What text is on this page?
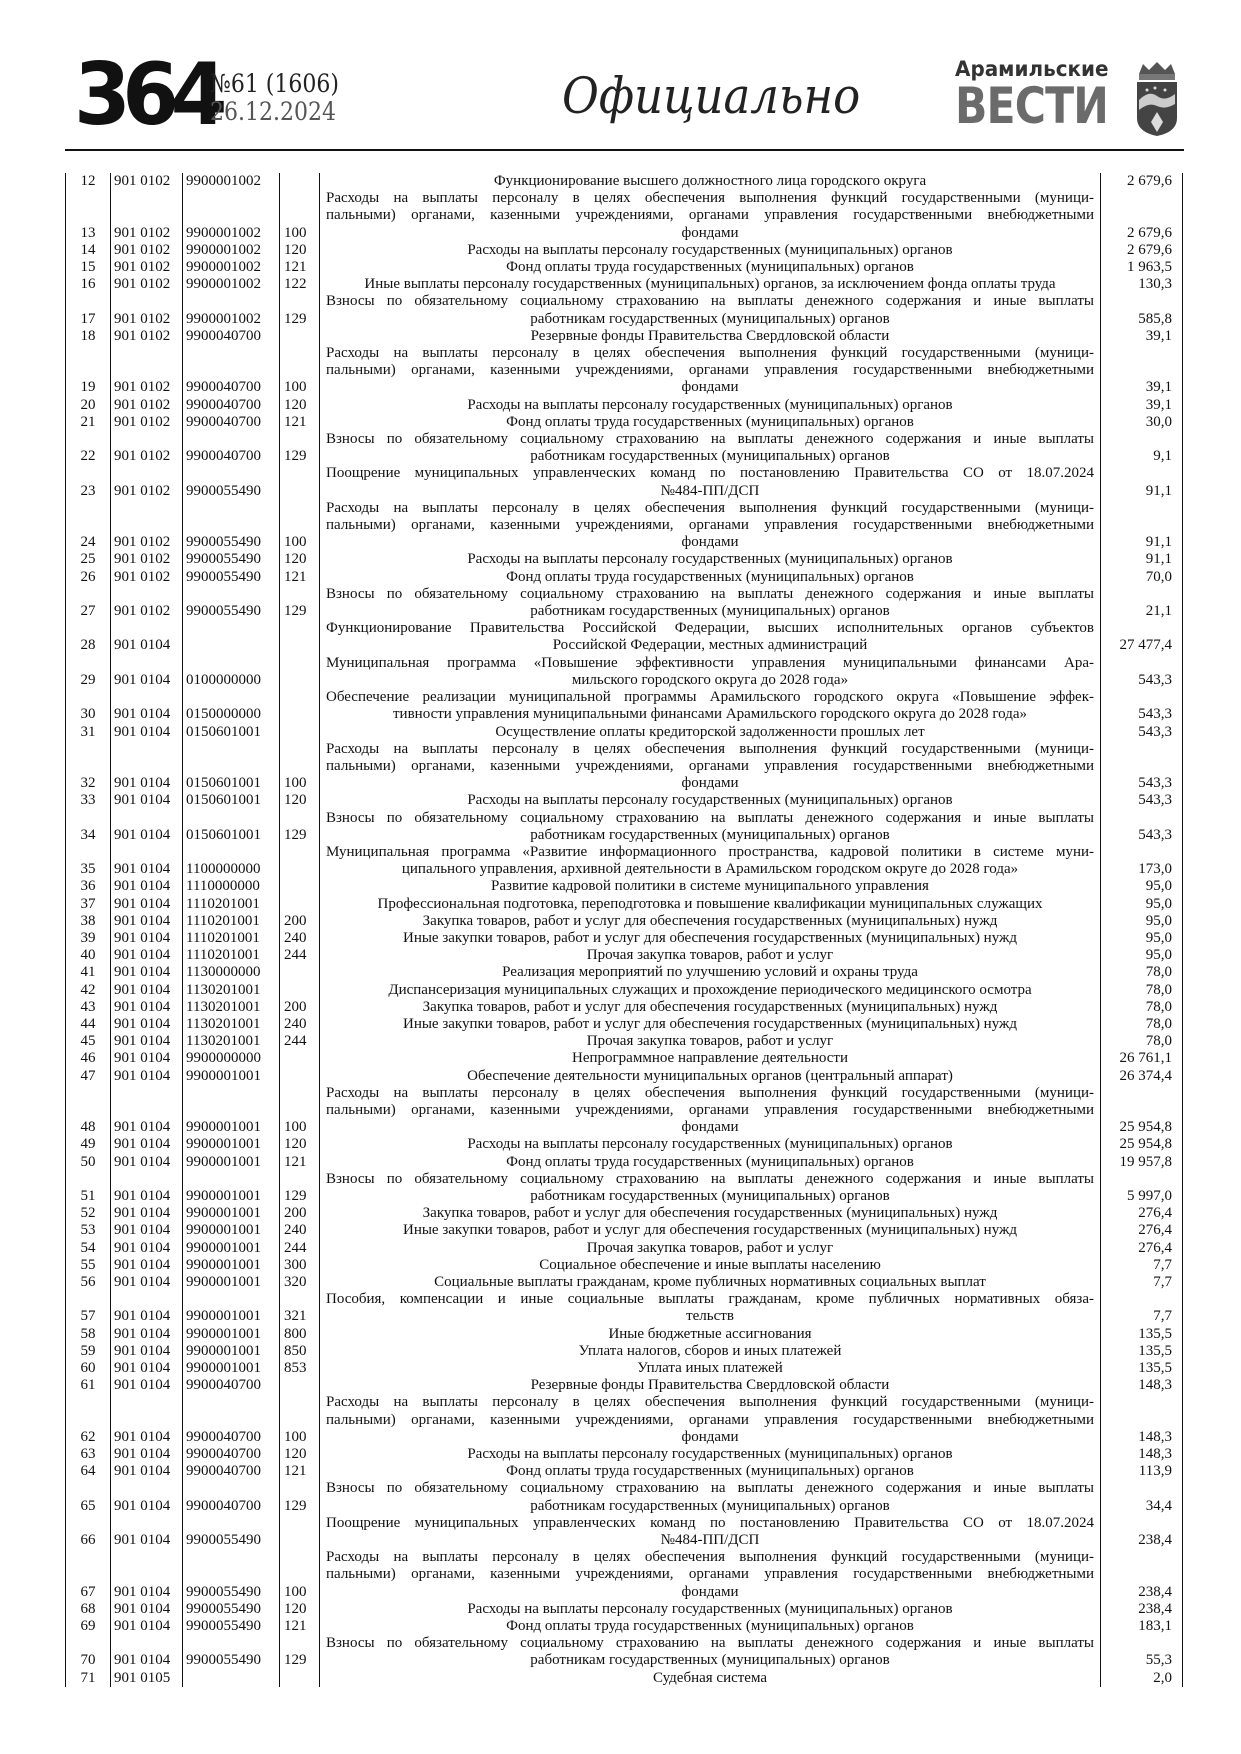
364
№61 (1606)
26.12.2024	Официально	Арамильские
ВЕСТИ
12	901 0102	9900001002		Функционирование высшего должностного лица городского округа	2 679,6
13	901 0102	9900001002	100	Расходы на выплаты персоналу в целях обеспечения выполнения функций государственными (муници-
пальными) органами, казенными учреждениями, органами управления государственными внебюджетными
фондами	2 679,6
14	901 0102	9900001002	120	Расходы на выплаты персоналу государственных (муниципальных) органов	2 679,6
15	901 0102	9900001002	121	Фонд оплаты труда государственных (муниципальных) органов	1 963,5
16	901 0102	9900001002	122	Иные выплаты персоналу государственных (муниципальных) органов, за исключением фонда оплаты труда	130,3
17	901 0102	9900001002	129	Взносы по обязательному социальному страхованию на выплаты денежного содержания и иные выплаты
работникам государственных (муниципальных) органов	585,8
18	901 0102	9900040700		Резервные фонды Правительства Свердловской области	39,1
19	901 0102	9900040700	100	Расходы на выплаты персоналу в целях обеспечения выполнения функций государственными (муници-
пальными) органами, казенными учреждениями, органами управления государственными внебюджетными
фондами	39,1
20	901 0102	9900040700	120	Расходы на выплаты персоналу государственных (муниципальных) органов	39,1
21	901 0102	9900040700	121	Фонд оплаты труда государственных (муниципальных) органов	30,0
22	901 0102	9900040700	129	Взносы по обязательному социальному страхованию на выплаты денежного содержания и иные выплаты
работникам государственных (муниципальных) органов	9,1
23	901 0102	9900055490		Поощрение муниципальных управленческих команд по постановлению Правительства СО от 18.07.2024
№484-ПП/ДСП	91,1
24	901 0102	9900055490	100	Расходы на выплаты персоналу в целях обеспечения выполнения функций государственными (муници-
пальными) органами, казенными учреждениями, органами управления государственными внебюджетными
фондами	91,1
25	901 0102	9900055490	120	Расходы на выплаты персоналу государственных (муниципальных) органов	91,1
26	901 0102	9900055490	121	Фонд оплаты труда государственных (муниципальных) органов	70,0
27	901 0102	9900055490	129	Взносы по обязательному социальному страхованию на выплаты денежного содержания и иные выплаты
работникам государственных (муниципальных) органов	21,1
28	901 0104			Функционирование Правительства Российской Федерации, высших исполнительных органов субъектов
Российской Федерации, местных администраций	27 477,4
29	901 0104	0100000000		Муниципальная программа «Повышение эффективности управления муниципальными финансами Ара-
мильского городского округа до 2028 года»	543,3
30	901 0104	0150000000		Обеспечение реализации муниципальной программы Арамильского городского округа «Повышение эффек-
тивности управления муниципальными финансами Арамильского городского округа до 2028 года»	543,3
31	901 0104	0150601001		Осуществление оплаты кредиторской задолженности прошлых лет	543,3
32	901 0104	0150601001	100	Расходы на выплаты персоналу в целях обеспечения выполнения функций государственными (муници-
пальными) органами, казенными учреждениями, органами управления государственными внебюджетными
фондами	543,3
33	901 0104	0150601001	120	Расходы на выплаты персоналу государственных (муниципальных) органов	543,3
34	901 0104	0150601001	129	Взносы по обязательному социальному страхованию на выплаты денежного содержания и иные выплаты
работникам государственных (муниципальных) органов	543,3
35	901 0104	1100000000		Муниципальная программа «Развитие информационного пространства, кадровой политики в системе муни-
ципального управления, архивной деятельности в Арамильском городском округе до 2028 года»	173,0
36	901 0104	1110000000		Развитие кадровой политики в системе муниципального управления	95,0
37	901 0104	1110201001		Профессиональная подготовка, переподготовка и повышение квалификации муниципальных служащих	95,0
38	901 0104	1110201001	200	Закупка товаров, работ и услуг для обеспечения государственных (муниципальных) нужд	95,0
39	901 0104	1110201001	240	Иные закупки товаров, работ и услуг для обеспечения государственных (муниципальных) нужд	95,0
40	901 0104	1110201001	244	Прочая закупка товаров, работ и услуг	95,0
41	901 0104	1130000000		Реализация мероприятий по улучшению условий и охраны труда	78,0
42	901 0104	1130201001		Диспансеризация муниципальных служащих и прохождение периодического медицинского осмотра	78,0
43	901 0104	1130201001	200	Закупка товаров, работ и услуг для обеспечения государственных (муниципальных) нужд	78,0
44	901 0104	1130201001	240	Иные закупки товаров, работ и услуг для обеспечения государственных (муниципальных) нужд	78,0
45	901 0104	1130201001	244	Прочая закупка товаров, работ и услуг	78,0
46	901 0104	9900000000		Непрограммное направление деятельности	26 761,1
47	901 0104	9900001001		Обеспечение деятельности муниципальных органов (центральный аппарат)	26 374,4
48	901 0104	9900001001	100	Расходы на выплаты персоналу в целях обеспечения выполнения функций государственными (муници-
пальными) органами, казенными учреждениями, органами управления государственными внебюджетными
фондами	25 954,8
49	901 0104	9900001001	120	Расходы на выплаты персоналу государственных (муниципальных) органов	25 954,8
50	901 0104	9900001001	121	Фонд оплаты труда государственных (муниципальных) органов	19 957,8
51	901 0104	9900001001	129	Взносы по обязательному социальному страхованию на выплаты денежного содержания и иные выплаты
работникам государственных (муниципальных) органов	5 997,0
52	901 0104	9900001001	200	Закупка товаров, работ и услуг для обеспечения государственных (муниципальных) нужд	276,4
53	901 0104	9900001001	240	Иные закупки товаров, работ и услуг для обеспечения государственных (муниципальных) нужд	276,4
54	901 0104	9900001001	244	Прочая закупка товаров, работ и услуг	276,4
55	901 0104	9900001001	300	Социальное обеспечение и иные выплаты населению	7,7
56	901 0104	9900001001	320	Социальные выплаты гражданам, кроме публичных нормативных социальных выплат	7,7
57	901 0104	9900001001	321	Пособия, компенсации и иные социальные выплаты гражданам, кроме публичных нормативных обяза-
тельств	7,7
58	901 0104	9900001001	800	Иные бюджетные ассигнования	135,5
59	901 0104	9900001001	850	Уплата налогов, сборов и иных платежей	135,5
60	901 0104	9900001001	853	Уплата иных платежей	135,5
61	901 0104	9900040700		Резервные фонды Правительства Свердловской области	148,3
62	901 0104	9900040700	100	Расходы на выплаты персоналу в целях обеспечения выполнения функций государственными (муници-
пальными) органами, казенными учреждениями, органами управления государственными внебюджетными
фондами	148,3
63	901 0104	9900040700	120	Расходы на выплаты персоналу государственных (муниципальных) органов	148,3
64	901 0104	9900040700	121	Фонд оплаты труда государственных (муниципальных) органов	113,9
65	901 0104	9900040700	129	Взносы по обязательному социальному страхованию на выплаты денежного содержания и иные выплаты
работникам государственных (муниципальных) органов	34,4
66	901 0104	9900055490		Поощрение муниципальных управленческих команд по постановлению Правительства СО от 18.07.2024
№484-ПП/ДСП	238,4
67	901 0104	9900055490	100	Расходы на выплаты персоналу в целях обеспечения выполнения функций государственными (муници-
пальными) органами, казенными учреждениями, органами управления государственными внебюджетными
фондами	238,4
68	901 0104	9900055490	120	Расходы на выплаты персоналу государственных (муниципальных) органов	238,4
69	901 0104	9900055490	121	Фонд оплаты труда государственных (муниципальных) органов	183,1
70	901 0104	9900055490	129	Взносы по обязательному социальному страхованию на выплаты денежного содержания и иные выплаты
работникам государственных (муниципальных) органов	55,3
71	901 0105			Судебная система	2,0
